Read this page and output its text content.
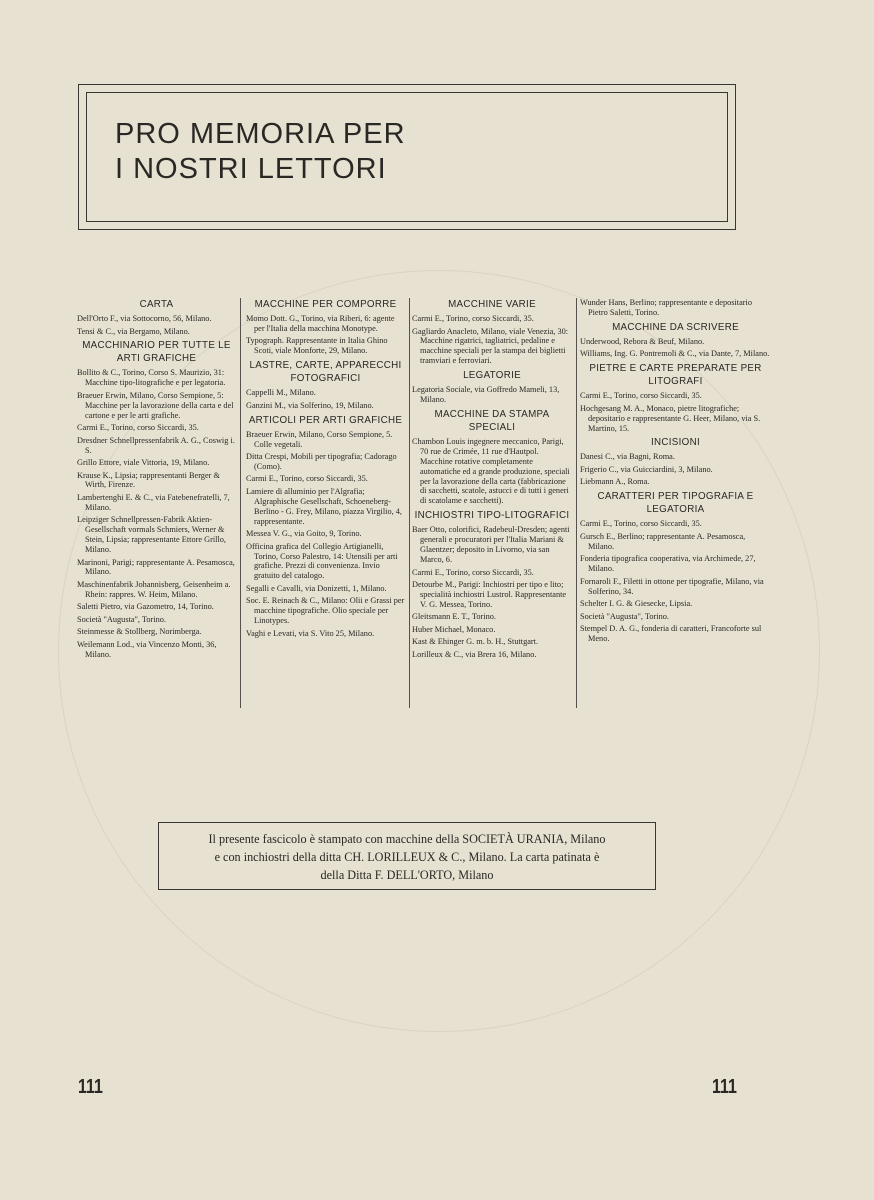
PRO MEMORIA PER
I NOSTRI LETTORI
CARTA
Dell'Orto F., via Sottocorno, 56, Milano.
Tensi & C., via Bergamo, Milano.
MACCHINARIO PER TUTTE LE ARTI GRAFICHE
Bollito & C., Torino, Corso S. Maurizio, 31: Macchine tipo-litografiche e per legatoria.
Braeuer Erwin, Milano, Corso Sempione, 5: Macchine per la lavorazione della carta e del cartone e per le arti grafiche.
Carmi E., Torino, corso Siccardi, 35.
Dresdner Schnellpressenfabrik A. G., Coswig i. S.
Grillo Ettore, viale Vittoria, 19, Milano.
Krause K., Lipsia; rappresentanti Berger & Wirth, Firenze.
Lambertenghi E. & C., via Fatebenefratelli, 7, Milano.
Leipziger Schnellpressen-Fabrik Aktien-Gesellschaft vormals Schmiers, Werner & Stein, Lipsia; rappresentante Ettore Grillo, Milano.
Marinoni, Parigi; rappresentante A. Pesamosca, Milano.
Maschinenfabrik Johannisberg, Geisenheim a. Rhein: rappres. W. Heim, Milano.
Saletti Pietro, via Gazometro, 14, Torino.
Società "Augusta", Torino.
Steinmesse & Stollberg, Norimberga.
Weilemann Lod., via Vincenzo Monti, 36, Milano.
MACCHINE PER COMPORRE
Momo Dott. G., Torino, via Riberi, 6: agente per l'Italia della macchina Monotype.
Typograph. Rappresentante in Italia Ghino Scoti, viale Monforte, 29, Milano.
LASTRE, CARTE, APPARECCHI FOTOGRAFICI
Cappelli M., Milano.
Ganzini M., via Solferino, 19, Milano.
ARTICOLI PER ARTI GRAFICHE
Braeuer Erwin, Milano, Corso Sempione, 5. Colle vegetali.
Ditta Crespi, Mobili per tipografia; Cadorago (Como).
Carmi E., Torino, corso Siccardi, 35.
Lamiere di alluminio per l'Algrafia; Algraphische Gesellschaft, Schoeneberg-Berlino - G. Frey, Milano, piazza Virgilio, 4, rappresentante.
Messea V. G., via Goito, 9, Torino.
Officina grafica del Collegio Artigianelli, Torino, Corso Palestro, 14: Utensili per arti grafiche. Prezzi di convenienza. Invio gratuito del catalogo.
Segalli e Cavalli, via Donizetti, 1, Milano.
Soc. E. Reinach & C., Milano: Olii e Grassi per macchine tipografiche. Olio speciale per Linotypes.
Vaghi e Levati, via S. Vito 25, Milano.
MACCHINE VARIE
Carmi E., Torino, corso Siccardi, 35.
Gagliardo Anacleto, Milano, viale Venezia, 30: Macchine rigatrici, tagliatrici, pedaline e macchine speciali per la stampa dei biglietti tramviari e ferroviari.
LEGATORIE
Legatoria Sociale, via Goffredo Mameli, 13, Milano.
MACCHINE DA STAMPA SPECIALI
Chambon Louis ingegnere meccanico, Parigi, 70 rue de Crimée, 11 rue d'Hautpol. Macchine rotative completamente automatiche ed a grande produzione, speciali per la lavorazione della carta (fabbricazione di sacchetti, scatole, astucci e di tutti i generi di scatolame e sacchetti).
INCHIOSTRI TIPO-LITOGRAFICI
Baer Otto, colorifici, Radebeul-Dresden; agenti generali e procuratori per l'Italia Mariani & Glaentzer; deposito in Livorno, via san Marco, 6.
Carmi E., Torino, corso Siccardi, 35.
Detourbe M., Parigi: Inchiostri per tipo e lito; specialità inchiostri Lustrol. Rappresentante V. G. Messea, Torino.
Gleitsmann E. T., Torino.
Huber Michael, Monaco.
Kast & Ehinger G. m. b. H., Stuttgart.
Lorilleux & C., via Brera 16, Milano.
Wunder Hans, Berlino; rappresentante e depositario Pietro Saletti, Torino.
MACCHINE DA SCRIVERE
Underwood, Rebora & Beuf, Milano.
Williams, Ing. G. Pontremoli & C., via Dante, 7, Milano.
PIETRE E CARTE PREPARATE PER LITOGRAFI
Carmi E., Torino, corso Siccardi, 35.
Hochgesang M. A., Monaco, pietre litografiche; depositario e rappresentante G. Heer, Milano, via S. Martino, 15.
INCISIONI
Danesi C., via Bagni, Roma.
Frigerio C., via Guicciardini, 3, Milano.
Liebmann A., Roma.
CARATTERI PER TIPOGRAFIA E LEGATORIA
Carmi E., Torino, corso Siccardi, 35.
Gursch E., Berlino; rappresentante A. Pesamosca, Milano.
Fonderia tipografica cooperativa, via Archimede, 27, Milano.
Fornaroli F., Filetti in ottone per tipografie, Milano, via Solferino, 34.
Schelter I. G. & Giesecke, Lipsia.
Società "Augusta", Torino.
Stempel D. A. G., fonderia di caratteri, Francoforte sul Meno.
Il presente fascicolo è stampato con macchine della SOCIETÀ URANIA, Milano
e con inchiostri della ditta CH. LORILLEUX & C., Milano. La carta patinata è
della Ditta F. DELL'ORTO, Milano
111	111
